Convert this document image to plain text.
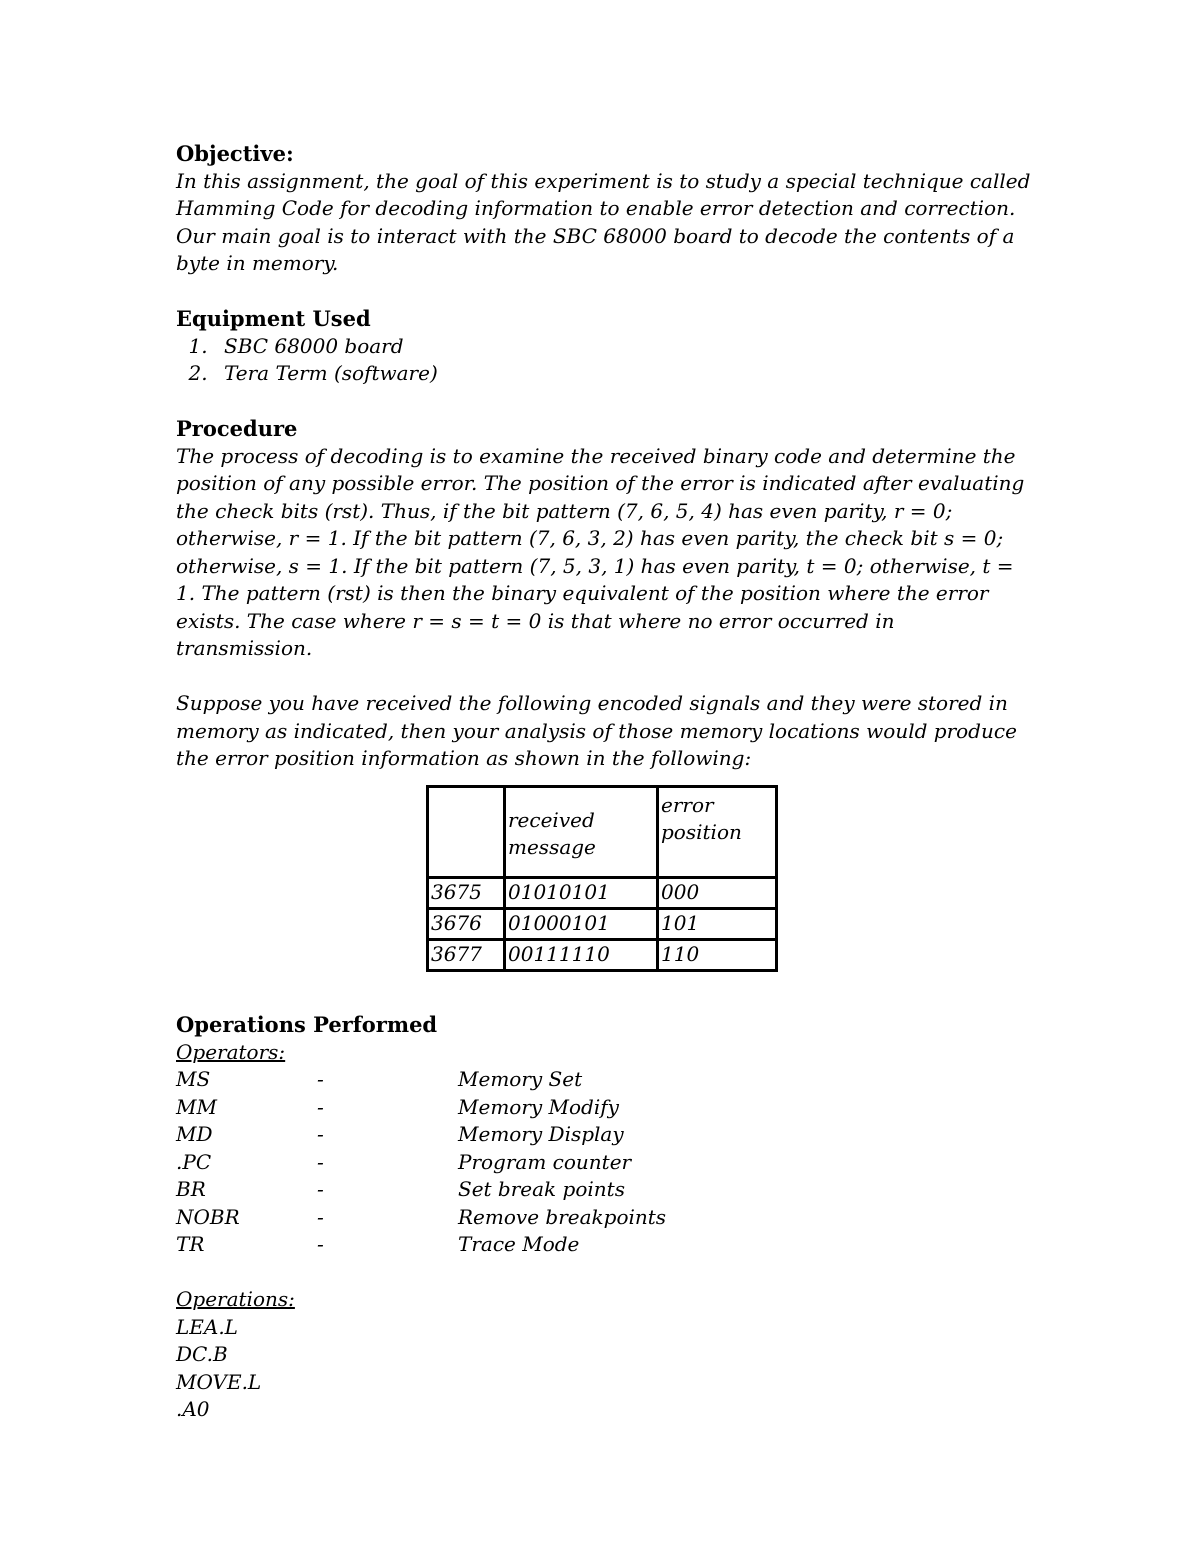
Objective:

In this assignment, the goal of this experiment is to study a special technique called Hamming Code for decoding information to enable error detection and correction. Our main goal is to interact with the SBC 68000 board to decode the contents of a byte in memory.

Equipment Used
1. SBC 68000 board
2. Tera Term (software)
Procedure

The process of decoding is to examine the received binary code and determine the position of any possible error. The position of the error is indicated after evaluating the check bits (rst). Thus, if the bit pattern (7, 6, 5, 4) has even parity, r = 0; otherwise, r = 1. If the bit pattern (7, 6, 3, 2) has even parity, the check bit s = 0; otherwise, s = 1. If the bit pattern (7, 5, 3, 1) has even parity, t = 0; otherwise, t = 1. The pattern (rst) is then the binary equivalent of the position where the error exists. The case where r = s = t = 0 is that where no error occurred in transmission.

Suppose you have received the following encoded signals and they were stored in memory as indicated, then your analysis of those memory locations would produce the error position information as shown in the following:

	received message	error position
3675	01010101	000
3676	01000101	101
3677	00111110	110
Operations Performed
Operators:
MS	-	Memory Set
MM	-	Memory Modify
MD	-	Memory Display
.PC	-	Program counter
BR	-	Set break points
NOBR	-	Remove breakpoints
TR	-	Trace Mode
Operations:
LEA.L
DC.B
MOVE.L
.A0
